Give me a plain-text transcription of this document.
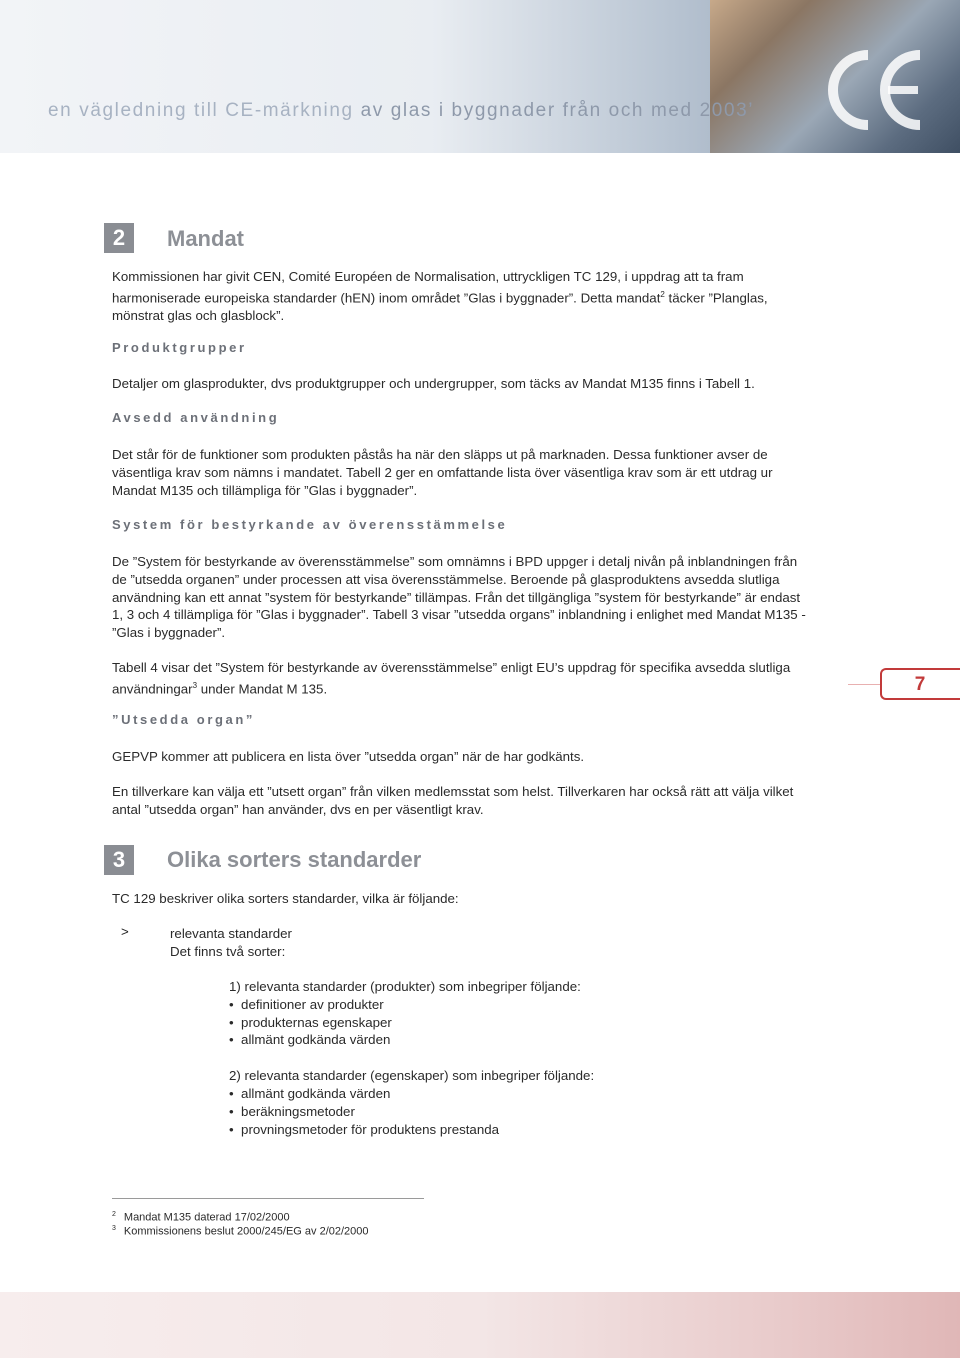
en vägledning till CE-märkning av glas i byggnader från och med 2003’
2	Mandat
Kommissionen har givit CEN, Comité Européen de Normalisation, uttryckligen TC 129, i uppdrag att ta fram harmoniserade europeiska standarder (hEN) inom området ”Glas i byggnader”. Detta mandat$^2$ täcker ”Planglas, mönstrat glas och glasblock”.
Produktgrupper
Detaljer om glasprodukter, dvs produktgrupper och undergrupper, som täcks av Mandat M135 finns i Tabell 1.
Avsedd användning
Det står för de funktioner som produkten påstås ha när den släpps ut på marknaden. Dessa funktioner avser de väsentliga krav som nämns i mandatet. Tabell 2 ger en omfattande lista över väsentliga krav som är ett utdrag ur Mandat M135 och tillämpliga för ”Glas i byggnader”.
System för bestyrkande av överensstämmelse
De ”System för bestyrkande av överensstämmelse” som omnämns i BPD uppger i detalj nivån på inblandningen från de ”utsedda organen” under processen att visa överensstämmelse. Beroende på glasproduktens avsedda slutliga användning kan ett annat ”system för bestyrkande” tillämpas. Från det tillgängliga ”system för bestyrkande” är endast 1, 3 och 4 tillämpliga för ”Glas i byggnader”. Tabell 3 visar ”utsedda organs” inblandning i enlighet med Mandat M135 - ”Glas i byggnader”.
Tabell 4 visar det ”System för bestyrkande av överensstämmelse” enligt EU’s uppdrag för specifika avsedda slutliga användningar$^3$ under Mandat M 135.
”Utsedda organ”
GEPVP kommer att publicera en lista över ”utsedda organ” när de har godkänts.
En tillverkare kan välja ett ”utsett organ” från vilken medlemsstat som helst. Tillverkaren har också rätt att välja vilket antal ”utsedda organ” han använder, dvs en per väsentligt krav.
7
3	Olika sorters standarder
TC 129 beskriver olika sorters standarder, vilka är följande:
>	relevanta standarder
Det finns två sorter:
1) relevanta standarder (produkter) som inbegriper följande:
•  definitioner av produkter
•  produkternas egenskaper
•  allmänt godkända värden
2) relevanta standarder (egenskaper) som inbegriper följande:
•  allmänt godkända värden
•  beräkningsmetoder
•  provningsmetoder för produktens prestanda
$^2$ Mandat M135 daterad 17/02/2000
$^3$ Kommissionens beslut 2000/245/EG av 2/02/2000
